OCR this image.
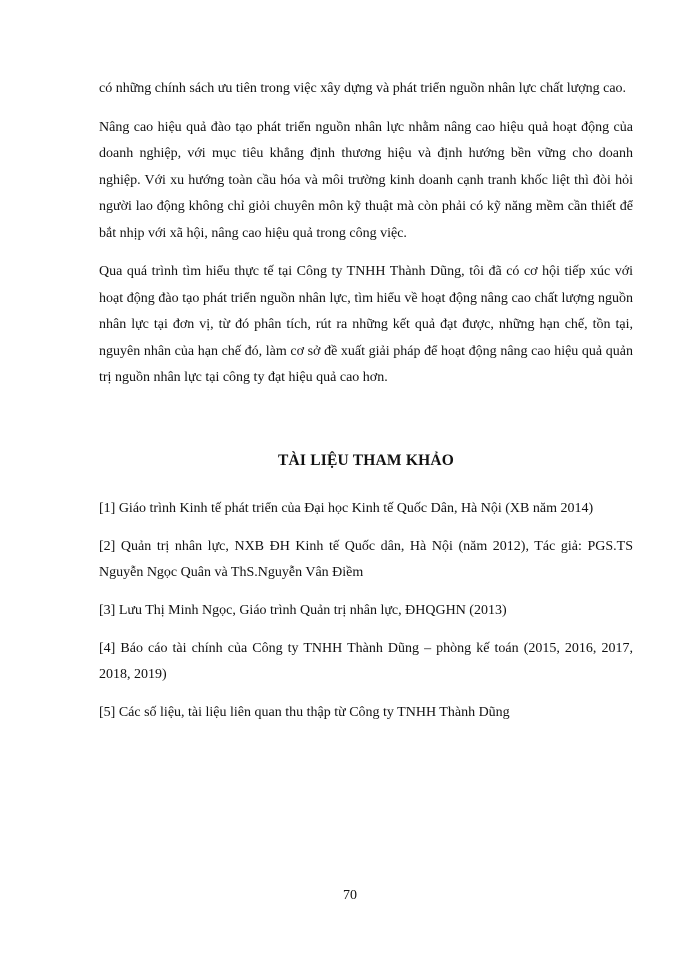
có những chính sách ưu tiên trong việc xây dựng và phát triển nguồn nhân lực chất lượng cao.

Nâng cao hiệu quả đào tạo phát triển nguồn nhân lực nhằm nâng cao hiệu quả hoạt động của doanh nghiệp, với mục tiêu khẳng định thương hiệu và định hướng bền vững cho doanh nghiệp. Với xu hướng toàn cầu hóa và môi trường kinh doanh cạnh tranh khốc liệt thì đòi hỏi người lao động không chỉ giỏi chuyên môn kỹ thuật mà còn phải có kỹ năng mềm cần thiết để bắt nhịp với xã hội, nâng cao hiệu quả trong công việc.

Qua quá trình tìm hiểu thực tế tại Công ty TNHH Thành Dũng, tôi đã có cơ hội tiếp xúc với hoạt động đào tạo phát triển nguồn nhân lực, tìm hiểu về hoạt động nâng cao chất lượng nguồn nhân lực tại đơn vị, từ đó phân tích, rút ra những kết quả đạt được, những hạn chế, tồn tại, nguyên nhân của hạn chế đó, làm cơ sở đề xuất giải pháp để hoạt động nâng cao hiệu quả quản trị nguồn nhân lực tại công ty đạt hiệu quả cao hơn.

TÀI LIỆU THAM KHẢO
[1] Giáo trình Kinh tế phát triển của Đại học Kinh tế Quốc Dân, Hà Nội (XB năm 2014)
[2] Quản trị nhân lực, NXB ĐH Kinh tế Quốc dân, Hà Nội (năm 2012), Tác giả: PGS.TS Nguyễn Ngọc Quân và ThS.Nguyễn Vân Điềm
[3] Lưu Thị Minh Ngọc, Giáo trình Quản trị nhân lực, ĐHQGHN (2013)
[4] Báo cáo tài chính của Công ty TNHH Thành Dũng – phòng kế toán (2015, 2016, 2017, 2018, 2019)
[5] Các số liệu, tài liệu liên quan thu thập từ Công ty TNHH Thành Dũng
70
